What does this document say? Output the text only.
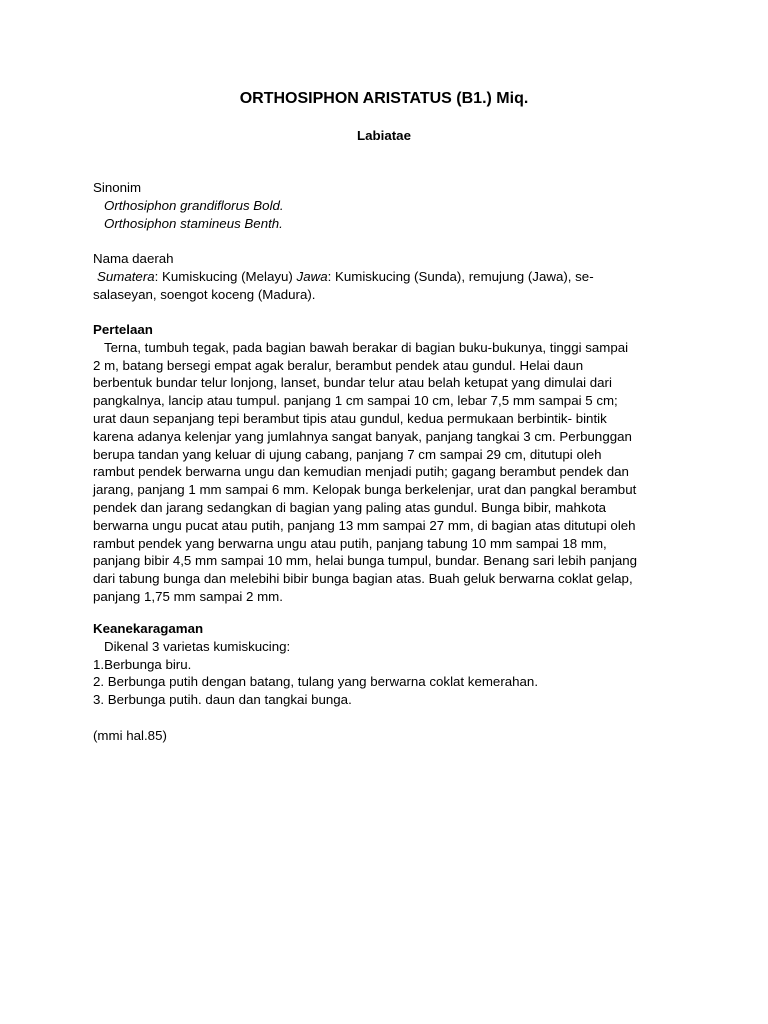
ORTHOSIPHON ARISTATUS (B1.) Miq.
Labiatae

Sinonim

Orthosiphon grandiflorus Bold.

Orthosiphon stamineus Benth.

Nama daerah

Sumatera: Kumiskucing (Melayu) Jawa: Kumiskucing (Sunda), remujung (Jawa), se-

salaseyan, soengot koceng (Madura).

Pertelaan

Terna, tumbuh tegak, pada bagian bawah berakar di bagian buku-bukunya, tinggi sampai

2 m, batang bersegi empat agak beralur, berambut pendek atau gundul. Helai daun

berbentuk bundar telur lonjong, lanset, bundar telur atau belah ketupat yang dimulai dari

pangkalnya, lancip atau tumpul. panjang 1 cm sampai 10 cm, lebar 7,5 mm sampai 5 cm;

urat daun sepanjang tepi berambut tipis atau gundul, kedua permukaan berbintik- bintik

karena adanya kelenjar yang jumlahnya sangat banyak, panjang tangkai 3 cm. Perbunggan

berupa tandan yang keluar di ujung cabang, panjang 7 cm sampai 29 cm, ditutupi oleh

rambut pendek berwarna ungu dan kemudian menjadi putih; gagang berambut pendek dan

jarang, panjang 1 mm sampai 6 mm. Kelopak bunga berkelenjar, urat dan pangkal berambut

pendek dan jarang sedangkan di bagian yang paling atas gundul. Bunga bibir, mahkota

berwarna ungu pucat atau putih, panjang 13 mm sampai 27 mm, di bagian atas ditutupi oleh

rambut pendek yang berwarna ungu atau putih, panjang tabung 10 mm sampai 18 mm,

panjang bibir 4,5 mm sampai 10 mm, helai bunga tumpul, bundar. Benang sari lebih panjang

dari tabung bunga dan melebihi bibir bunga bagian atas. Buah geluk berwarna coklat gelap,

panjang 1,75 mm sampai 2 mm.

Keanekaragaman

Dikenal 3 varietas kumiskucing:

1.Berbunga biru.

2. Berbunga putih dengan batang, tulang yang berwarna coklat kemerahan.

3. Berbunga putih. daun dan tangkai bunga.

(mmi hal.85)
